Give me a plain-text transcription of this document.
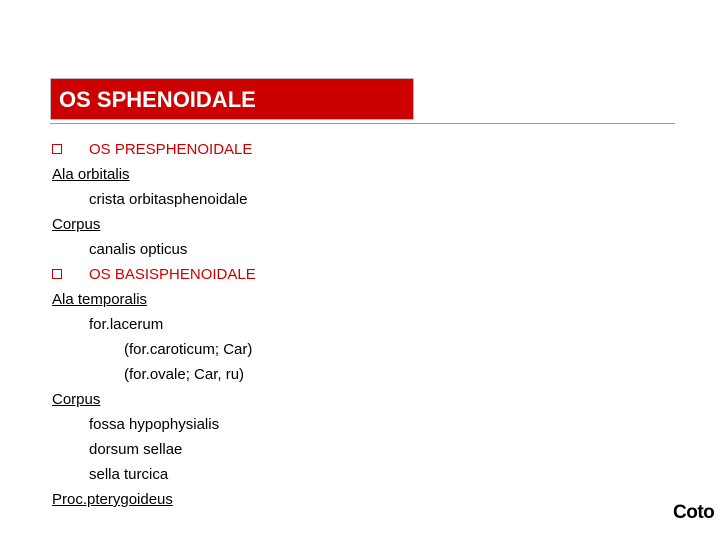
OS SPHENOIDALE
OS PRESPHENOIDALE
Ala orbitalis
crista orbitasphenoidale
Corpus
canalis opticus
OS BASISPHENOIDALE
Ala temporalis
for.lacerum
(for.caroticum; Car)
(for.ovale; Car, ru)
Corpus
fossa hypophysialis
dorsum sellae
sella turcica
Proc.pterygoideus
Coto
